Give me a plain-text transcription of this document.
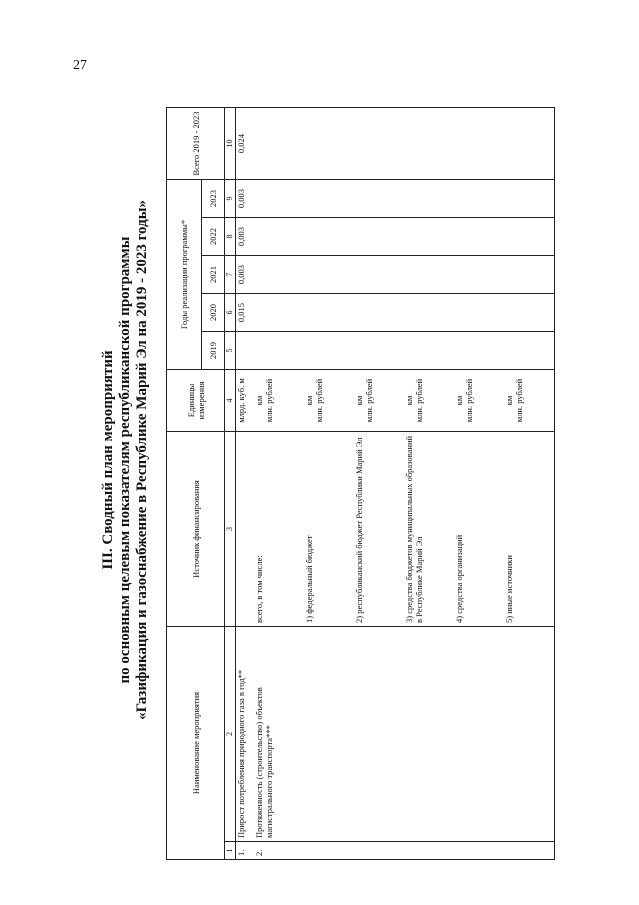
27
III. Сводный план мероприятий по основным целевым показателям республиканской программы «Газификация и газоснабжение в Республике Марий Эл на 2019 - 2023 годы»
Наименование мероприятия		Источник финансирования	Единицы измерения	Годы реализации программы*					Всего 2019 - 2023
				2019	2020	2021	2022	2023	
1	2	3	4	5	6	7	8	9	10
1.	Прирост потребления природного газа в год**		млрд. куб. м		0,015	0,003	0,003	0,003	0,024
2.	Протяженность (строительство) объектов магистрального транспорта***	всего, в том числе:	км млн. рублей						

		1) федеральный бюджет	км млн. рублей						

		2) республиканский бюджет Республики Марий Эл	км млн. рублей						

		3) средства бюджетов муниципальных образований в Республике Марий Эл	км млн. рублей						

		4) средства организаций	км млн. рублей						

		5) иные источники	км млн. рублей						
